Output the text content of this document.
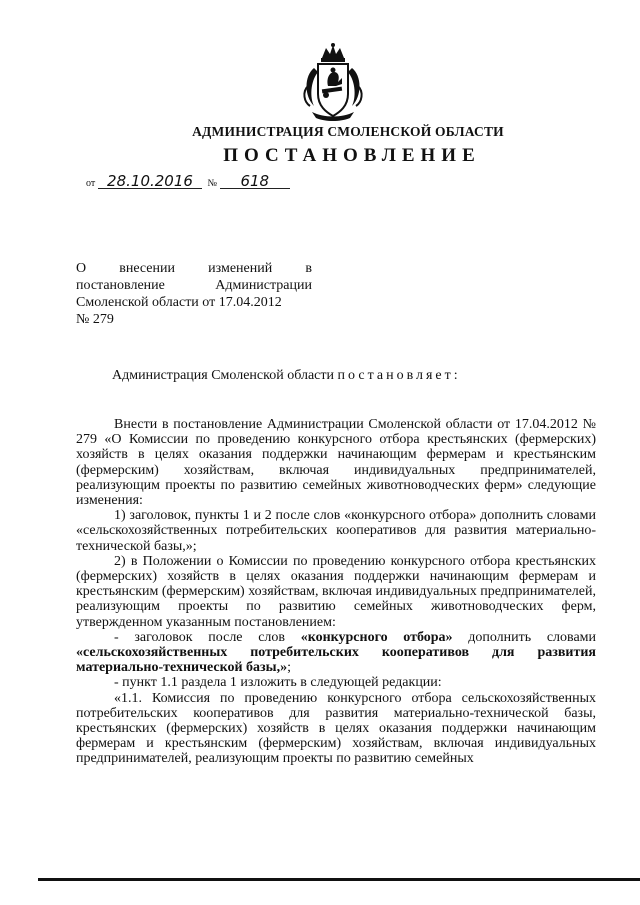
АДМИНИСТРАЦИЯ СМОЛЕНСКОЙ ОБЛАСТИ
ПОСТАНОВЛЕНИЕ
от 28.10.2016 № 618
О внесении изменений в
постановление Администрации
Смоленской области от 17.04.2012
№ 279
Администрация Смоленской области постановляет:

Внести в постановление Администрации Смоленской области от 17.04.2012 № 279 «О Комиссии по проведению конкурсного отбора крестьянских (фермерских) хозяйств в целях оказания поддержки начинающим фермерам и крестьянским (фермерским) хозяйствам, включая индивидуальных предпринимателей, реализующим проекты по развитию семейных животноводческих ферм» следующие изменения:

1) заголовок, пункты 1 и 2 после слов «конкурсного отбора» дополнить словами «сельскохозяйственных потребительских кооперативов для развития материально-технической базы,»;

2) в Положении о Комиссии по проведению конкурсного отбора крестьянских (фермерских) хозяйств в целях оказания поддержки начинающим фермерам и крестьянским (фермерским) хозяйствам, включая индивидуальных предпринимателей, реализующим проекты по развитию семейных животноводческих ферм, утвержденном указанным постановлением:

- заголовок после слов «конкурсного отбора» дополнить словами «сельскохозяйственных потребительских кооперативов для развития материально-технической базы,»;

- пункт 1.1 раздела 1 изложить в следующей редакции:

«1.1. Комиссия по проведению конкурсного отбора сельскохозяйственных потребительских кооперативов для развития материально-технической базы, крестьянских (фермерских) хозяйств в целях оказания поддержки начинающим фермерам и крестьянским (фермерским) хозяйствам, включая индивидуальных предпринимателей, реализующим проекты по развитию семейных
